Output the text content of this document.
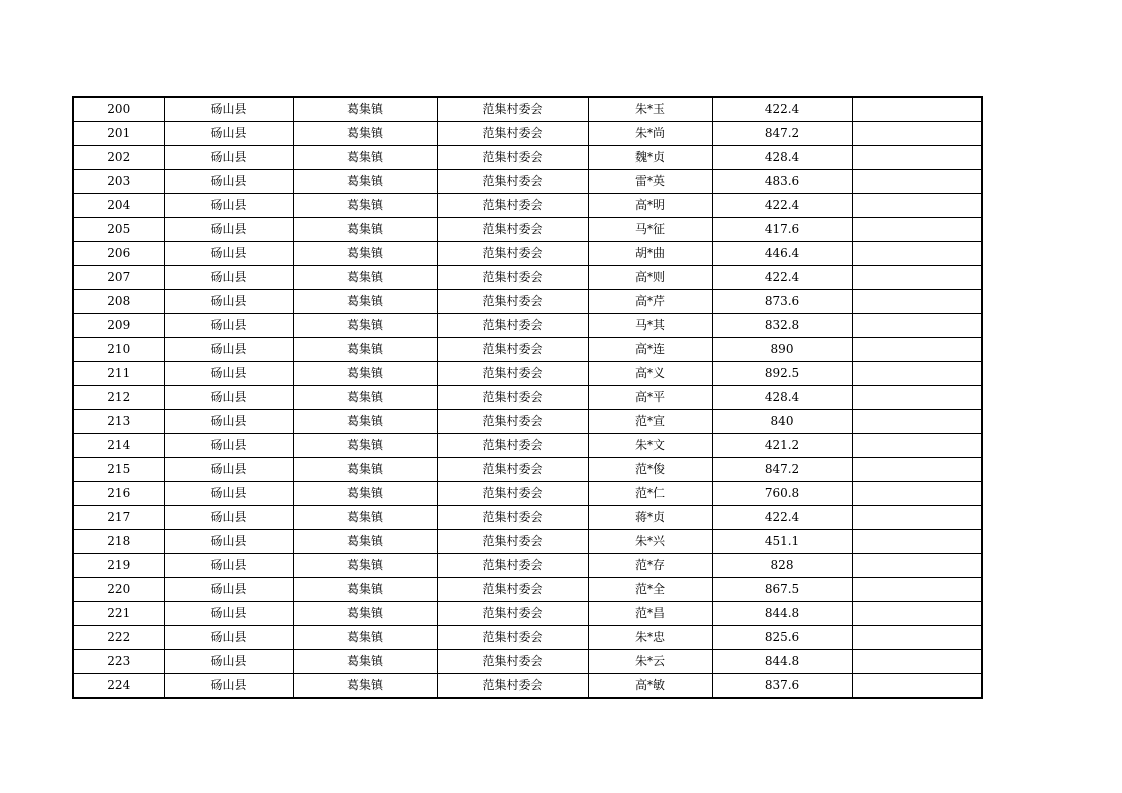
200	砀山县	葛集镇	范集村委会	朱*玉	422.4	
201	砀山县	葛集镇	范集村委会	朱*尚	847.2	
202	砀山县	葛集镇	范集村委会	魏*贞	428.4	
203	砀山县	葛集镇	范集村委会	雷*英	483.6	
204	砀山县	葛集镇	范集村委会	高*明	422.4	
205	砀山县	葛集镇	范集村委会	马*征	417.6	
206	砀山县	葛集镇	范集村委会	胡*曲	446.4	
207	砀山县	葛集镇	范集村委会	高*则	422.4	
208	砀山县	葛集镇	范集村委会	高*芹	873.6	
209	砀山县	葛集镇	范集村委会	马*其	832.8	
210	砀山县	葛集镇	范集村委会	高*连	890	
211	砀山县	葛集镇	范集村委会	高*义	892.5	
212	砀山县	葛集镇	范集村委会	高*平	428.4	
213	砀山县	葛集镇	范集村委会	范*宣	840	
214	砀山县	葛集镇	范集村委会	朱*文	421.2	
215	砀山县	葛集镇	范集村委会	范*俊	847.2	
216	砀山县	葛集镇	范集村委会	范*仁	760.8	
217	砀山县	葛集镇	范集村委会	蒋*贞	422.4	
218	砀山县	葛集镇	范集村委会	朱*兴	451.1	
219	砀山县	葛集镇	范集村委会	范*存	828	
220	砀山县	葛集镇	范集村委会	范*全	867.5	
221	砀山县	葛集镇	范集村委会	范*昌	844.8	
222	砀山县	葛集镇	范集村委会	朱*忠	825.6	
223	砀山县	葛集镇	范集村委会	朱*云	844.8	
224	砀山县	葛集镇	范集村委会	高*敏	837.6	
